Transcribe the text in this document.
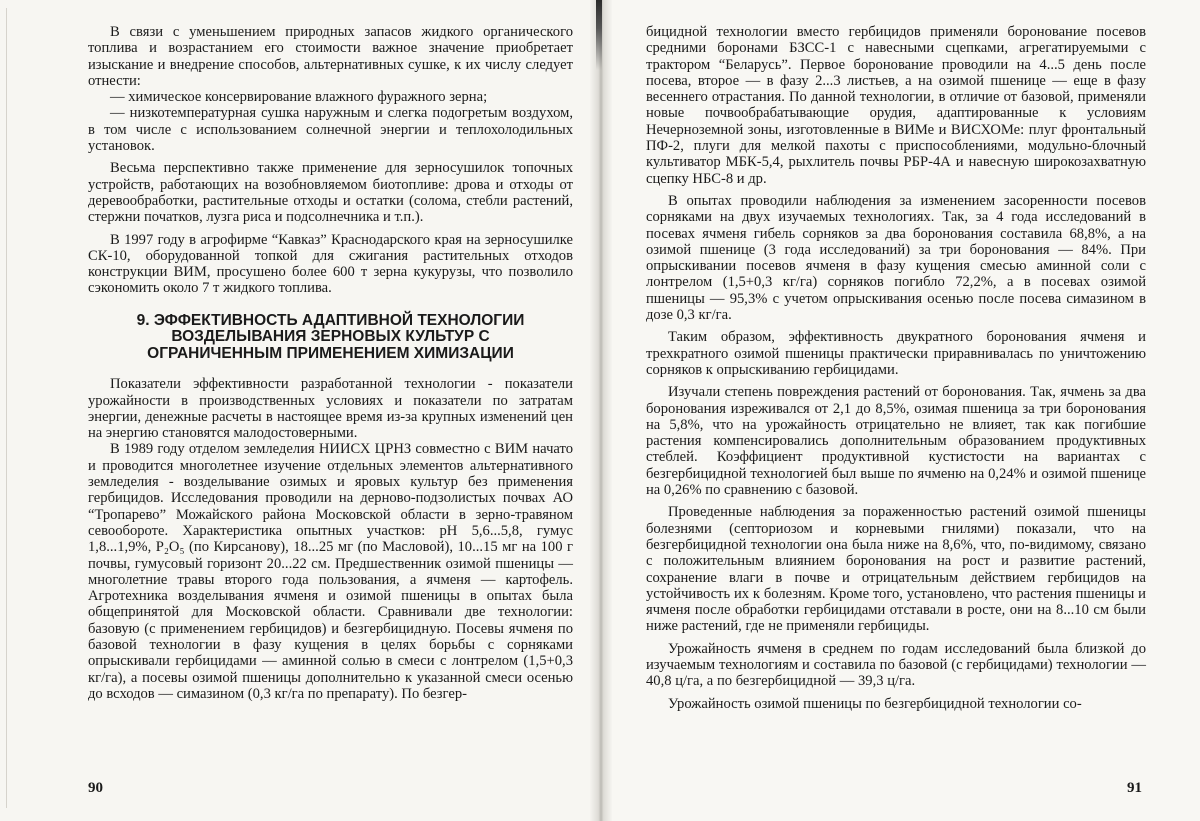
В связи с уменьшением природных запасов жидкого органического топлива и возрастанием его стоимости важное значение приобретает изыскание и внедрение способов, альтернативных сушке, к их числу следует отнести:

— химическое консервирование влажного фуражного зерна;

— низкотемпературная сушка наружным и слегка подогретым воздухом, в том числе с использованием солнечной энергии и теплохолодильных установок.

Весьма перспективно также применение для зерносушилок топочных устройств, работающих на возобновляемом биотопливе: дрова и отходы от деревообработки, растительные отходы и остатки (солома, стебли растений, стержни початков, лузга риса и подсолнечника и т.п.).

В 1997 году в агрофирме “Кавказ” Краснодарского края на зерносушилке СК-10, оборудованной топкой для сжигания растительных отходов конструкции ВИМ, просушено более 600 т зерна кукурузы, что позволило сэкономить около 7 т жидкого топлива.

9. ЭФФЕКТИВНОСТЬ АДАПТИВНОЙ ТЕХНОЛОГИИ ВОЗДЕЛЫВАНИЯ ЗЕРНОВЫХ КУЛЬТУР С ОГРАНИЧЕННЫМ ПРИМЕНЕНИЕМ ХИМИЗАЦИИ

Показатели эффективности разработанной технологии - показатели урожайности в производственных условиях и показатели по затратам энергии, денежные расчеты в настоящее время из-за крупных изменений цен на энергию становятся малодостоверными.

В 1989 году отделом земледелия НИИСХ ЦРНЗ совместно с ВИМ начато и проводится многолетнее изучение отдельных элементов альтернативного земледелия - возделывание озимых и яровых культур без применения гербицидов. Исследования проводили на дерново-подзолистых почвах АО “Тропарево” Можайского района Московской области в зерно-травяном севообороте. Характеристика опытных участков: рН 5,6...5,8, гумус 1,8...1,9%, P₂O₅ (по Кирсанову), 18...25 мг (по Масловой), 10...15 мг на 100 г почвы, гумусовый горизонт 20...22 см. Предшественник озимой пшеницы — многолетние травы второго года пользования, а ячменя — картофель. Агротехника возделывания ячменя и озимой пшеницы в опытах была общепринятой для Московской области. Сравнивали две технологии: базовую (с применением гербицидов) и безгербицидную. Посевы ячменя по базовой технологии в фазу кущения в целях борьбы с сорняками опрыскивали гербицидами — аминной солью в смеси с лонтрелом (1,5+0,3 кг/га), а посевы озимой пшеницы дополнительно к указанной смеси осенью до всходов — симазином (0,3 кг/га по препарату). По безгер-

90

бицидной технологии вместо гербицидов применяли боронование посевов средними боронами БЗСС-1 с навесными сцепками, агрегатируемыми с трактором “Беларусь”. Первое боронование проводили на 4...5 день после посева, второе — в фазу 2...3 листьев, а на озимой пшенице — еще в фазу весеннего отрастания. По данной технологии, в отличие от базовой, применяли новые почвообрабатывающие орудия, адаптированные к условиям Нечерноземной зоны, изготовленные в ВИМе и ВИСХОМе: плуг фронтальный ПФ-2, плуги для мелкой пахоты с приспособлениями, модульно-блочный культиватор МБК-5,4, рыхлитель почвы РБР-4А и навесную широкозахватную сцепку НБС-8 и др.

В опытах проводили наблюдения за изменением засоренности посевов сорняками на двух изучаемых технологиях. Так, за 4 года исследований в посевах ячменя гибель сорняков за два боронования составила 68,8%, а на озимой пшенице (3 года исследований) за три боронования — 84%. При опрыскивании посевов ячменя в фазу кущения смесью аминной соли с лонтрелом (1,5+0,3 кг/га) сорняков погибло 72,2%, а в посевах озимой пшеницы — 95,3% с учетом опрыскивания осенью после посева симазином в дозе 0,3 кг/га.

Таким образом, эффективность двукратного боронования ячменя и трехкратного озимой пшеницы практически приравнивалась по уничтожению сорняков к опрыскиванию гербицидами.

Изучали степень повреждения растений от боронования. Так, ячмень за два боронования изреживался от 2,1 до 8,5%, озимая пшеница за три боронования на 5,8%, что на урожайность отрицательно не влияет, так как погибшие растения компенсировались дополнительным образованием продуктивных стеблей. Коэффициент продуктивной кустистости на вариантах с безгербицидной технологией был выше по ячменю на 0,24% и озимой пшенице на 0,26% по сравнению с базовой.

Проведенные наблюдения за пораженностью растений озимой пшеницы болезнями (септориозом и корневыми гнилями) показали, что на безгербицидной технологии она была ниже на 8,6%, что, по-видимому, связано с положительным влиянием боронования на рост и развитие растений, сохранение влаги в почве и отрицательным действием гербицидов на устойчивость их к болезням. Кроме того, установлено, что растения пшеницы и ячменя после обработки гербицидами отставали в росте, они на 8...10 см были ниже растений, где не применяли гербициды.

Урожайность ячменя в среднем по годам исследований была близкой до изучаемым технологиям и составила по базовой (с гербицидами) технологии — 40,8 ц/га, а по безгербицидной — 39,3 ц/га.

Урожайность озимой пшеницы по безгербицидной технологии со-

91
